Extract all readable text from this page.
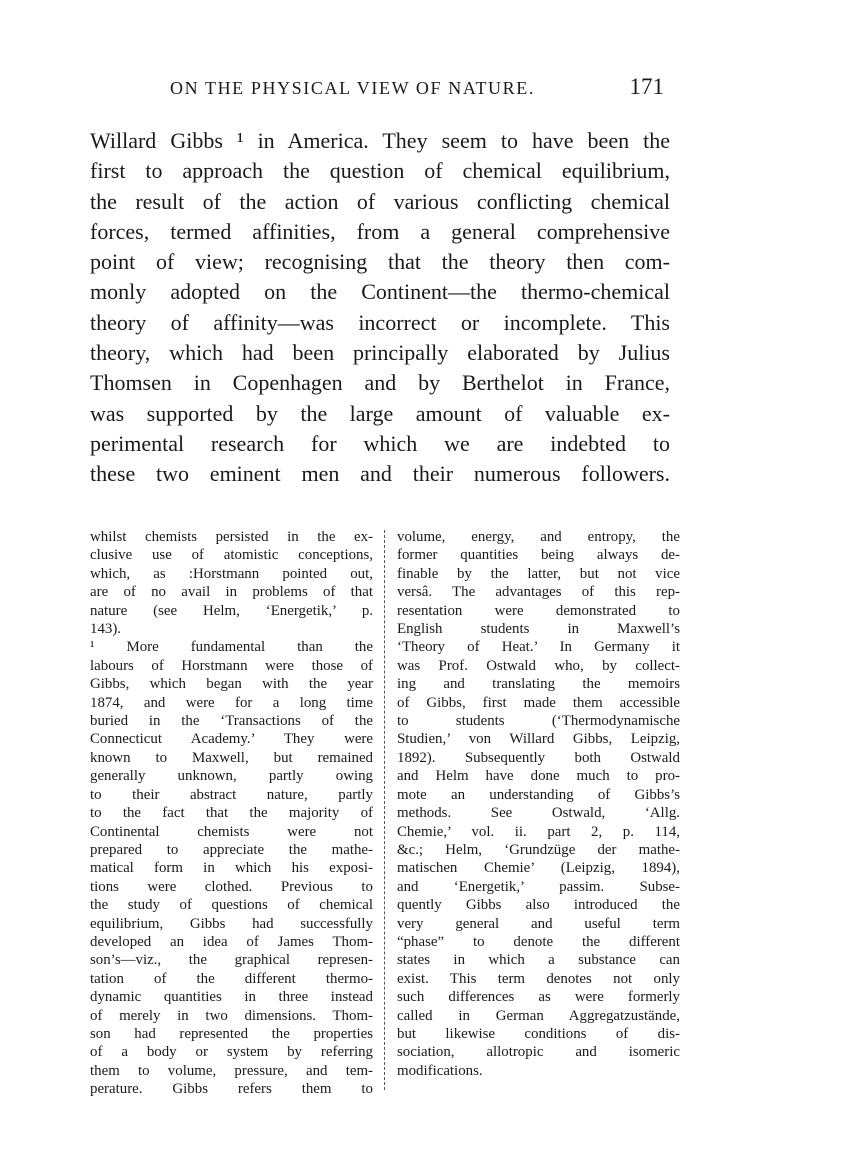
ON THE PHYSICAL VIEW OF NATURE.	171

Willard Gibbs ¹ in America. They seem to have been the

first to approach the question of chemical equilibrium,

the result of the action of various conflicting chemical

forces, termed affinities, from a general comprehensive

point of view; recognising that the theory then com-

monly adopted on the Continent—the thermo-chemical

theory of affinity—was incorrect or incomplete. This

theory, which had been principally elaborated by Julius

Thomsen in Copenhagen and by Berthelot in France,

was supported by the large amount of valuable ex-

perimental research for which we are indebted to

these two eminent men and their numerous followers.

whilst chemists persisted in the ex-

clusive use of atomistic conceptions,

which, as :Horstmann pointed out,

are of no avail in problems of that

nature (see Helm, ‘Energetik,’ p.

143).

¹ More fundamental than the

labours of Horstmann were those of

Gibbs, which began with the year

1874, and were for a long time

buried in the ‘Transactions of the

Connecticut Academy.’ They were

known to Maxwell, but remained

generally unknown, partly owing

to their abstract nature, partly

to the fact that the majority of

Continental chemists were not

prepared to appreciate the mathe-

matical form in which his exposi-

tions were clothed. Previous to

the study of questions of chemical

equilibrium, Gibbs had successfully

developed an idea of James Thom-

son’s—viz., the graphical represen-

tation of the different thermo-

dynamic quantities in three instead

of merely in two dimensions. Thom-

son had represented the properties

of a body or system by referring

them to volume, pressure, and tem-

perature. Gibbs refers them to

volume, energy, and entropy, the

former quantities being always de-

finable by the latter, but not vice

versâ. The advantages of this rep-

resentation were demonstrated to

English students in Maxwell’s

‘Theory of Heat.’ In Germany it

was Prof. Ostwald who, by collect-

ing and translating the memoirs

of Gibbs, first made them accessible

to students (‘Thermodynamische

Studien,’ von Willard Gibbs, Leipzig,

1892). Subsequently both Ostwald

and Helm have done much to pro-

mote an understanding of Gibbs’s

methods. See Ostwald, ‘Allg.

Chemie,’ vol. ii. part 2, p. 114,

&c.; Helm, ‘Grundzüge der mathe-

matischen Chemie’ (Leipzig, 1894),

and ‘Energetik,’ passim. Subse-

quently Gibbs also introduced the

very general and useful term

“phase” to denote the different

states in which a substance can

exist. This term denotes not only

such differences as were formerly

called in German Aggregatzustände,

but likewise conditions of dis-

sociation, allotropic and isomeric

modifications.
